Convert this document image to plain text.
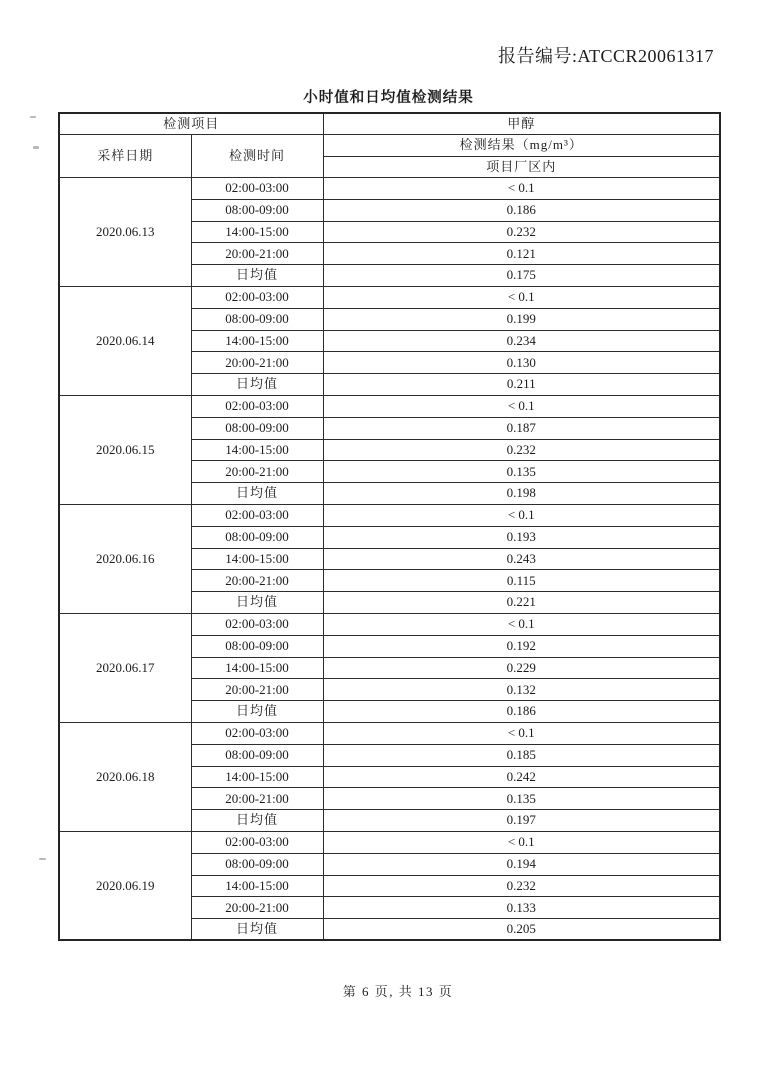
报告编号:ATCCR20061317
小时值和日均值检测结果
检测项目		甲醇
采样日期	检测时间	检测结果（mg/m³）
		项目厂区内
2020.06.13	02:00-03:00	< 0.1
	08:00-09:00	0.186
	14:00-15:00	0.232
	20:00-21:00	0.121
	日均值	0.175
2020.06.14	02:00-03:00	< 0.1
	08:00-09:00	0.199
	14:00-15:00	0.234
	20:00-21:00	0.130
	日均值	0.211
2020.06.15	02:00-03:00	< 0.1
	08:00-09:00	0.187
	14:00-15:00	0.232
	20:00-21:00	0.135
	日均值	0.198
2020.06.16	02:00-03:00	< 0.1
	08:00-09:00	0.193
	14:00-15:00	0.243
	20:00-21:00	0.115
	日均值	0.221
2020.06.17	02:00-03:00	< 0.1
	08:00-09:00	0.192
	14:00-15:00	0.229
	20:00-21:00	0.132
	日均值	0.186
2020.06.18	02:00-03:00	< 0.1
	08:00-09:00	0.185
	14:00-15:00	0.242
	20:00-21:00	0.135
	日均值	0.197
2020.06.19	02:00-03:00	< 0.1
	08:00-09:00	0.194
	14:00-15:00	0.232
	20:00-21:00	0.133
	日均值	0.205
第 6 页, 共 13 页
